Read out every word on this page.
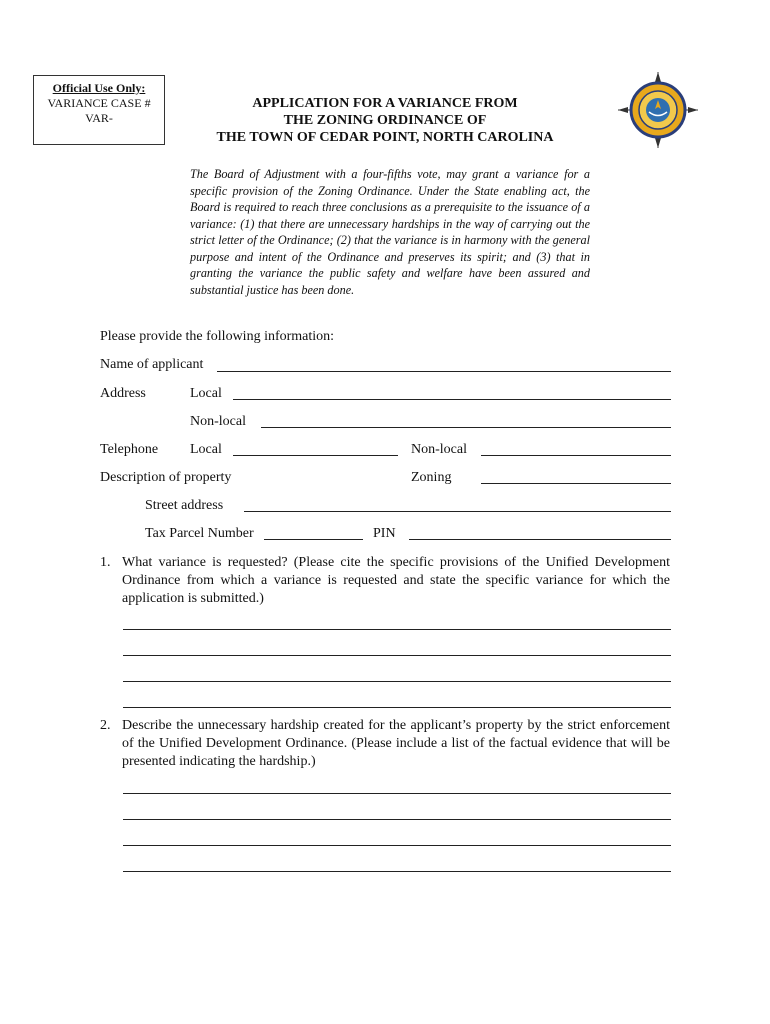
Official Use Only:
VARIANCE CASE #
VAR-
APPLICATION FOR A VARIANCE FROM
THE ZONING ORDINANCE OF
THE TOWN OF CEDAR POINT, NORTH CAROLINA
The Board of Adjustment with a four-fifths vote, may grant a variance for a specific provision of the Zoning Ordinance. Under the State enabling act, the Board is required to reach three conclusions as a prerequisite to the issuance of a variance: (1) that there are unnecessary hardships in the way of carrying out the strict letter of the Ordinance; (2) that the variance is in harmony with the general purpose and intent of the Ordinance and preserves its spirit; and (3) that in granting the variance the public safety and welfare have been assured and substantial justice has been done.
Please provide the following information:
Name of applicant
Address	Local
Non-local
Telephone Local	Non-local
Description of property	Zoning
Street address
Tax Parcel Number	PIN
1. What variance is requested? (Please cite the specific provisions of the Unified Development Ordinance from which a variance is requested and state the specific variance for which the application is submitted.)
2. Describe the unnecessary hardship created for the applicant’s property by the strict enforcement of the Unified Development Ordinance. (Please include a list of the factual evidence that will be presented indicating the hardship.)
